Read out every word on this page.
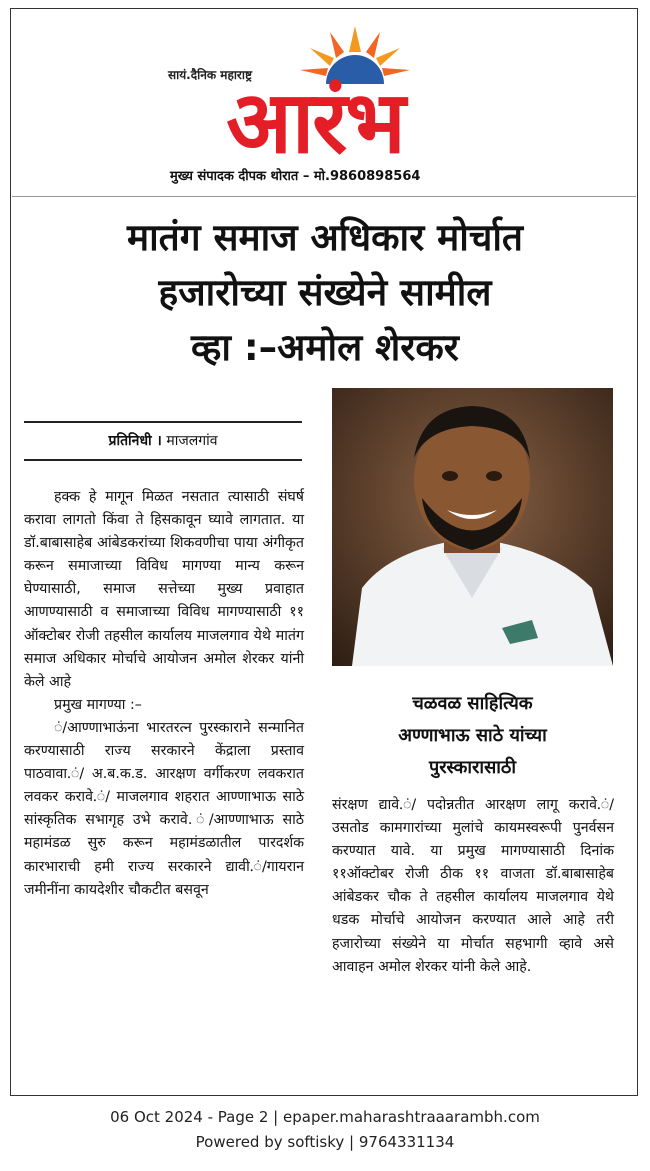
सायं.दैनिक महाराष्ट्र
आरंभ
मुख्य संपादक दीपक थोरात – मो.9860898564
मातंग समाज अधिकार मोर्चात
हजारोच्या संख्येने सामील
व्हा :–अमोल शेरकर
प्रतिनिधी । माजलगांव
चळवळ साहित्यिक
अण्णाभाऊ साठे यांच्या
पुरस्कारासाठी

हक्क हे मागून मिळत नसतात त्यासाठी संघर्ष करावा लागतो किंवा ते हिसकावून घ्यावे लागतात. या डॉ.बाबासाहेब आंबेडकरांच्या शिकवणीचा पाया अंगीकृत करून समाजाच्या विविध मागण्या मान्य करून घेण्यासाठी, समाज सत्तेच्या मुख्य प्रवाहात आणण्यासाठी व समाजाच्या विविध मागण्यासाठी ११ ऑक्टोबर रोजी तहसील कार्यालय माजलगाव येथे मातंग समाज अधिकार मोर्चाचे आयोजन अमोल शेरकर यांनी केले आहे

प्रमुख मागण्या :–

ं/आण्णाभाऊंना भारतरत्न पुरस्काराने सन्मानित करण्यासाठी राज्य सरकारने केंद्राला प्रस्ताव पाठवावा.ं/ अ.ब.क.ड. आरक्षण वर्गीकरण लवकरात लवकर करावे.ं/ माजलगाव शहरात आण्णाभाऊ साठे सांस्कृतिक सभागृह उभे करावे. ं/आण्णाभाऊ साठे महामंडळ सुरु करून महामंडळातील पारदर्शक कारभाराची हमी राज्य सरकारने द्यावी.ं/गायरान जमीनींना कायदेशीर चौकटीत बसवून

संरक्षण द्यावे.ं/ पदोन्नतीत आरक्षण लागू करावे.ं/उसतोड कामगारांच्या मुलांचे कायमस्वरूपी पुनर्वसन करण्यात यावे. या प्रमुख मागण्यासाठी दिनांक ११ऑक्टोबर रोजी ठीक ११ वाजता डॉ.बाबासाहेब आंबेडकर चौक ते तहसील कार्यालय माजलगाव येथे धडक मोर्चाचे आयोजन करण्यात आले आहे तरी हजारोच्या संख्येने या मोर्चात सहभागी व्हावे असे आवाहन अमोल शेरकर यांनी केले आहे.

06 Oct 2024 - Page 2 | epaper.maharashtraaarambh.com
Powered by softisky | 9764331134
